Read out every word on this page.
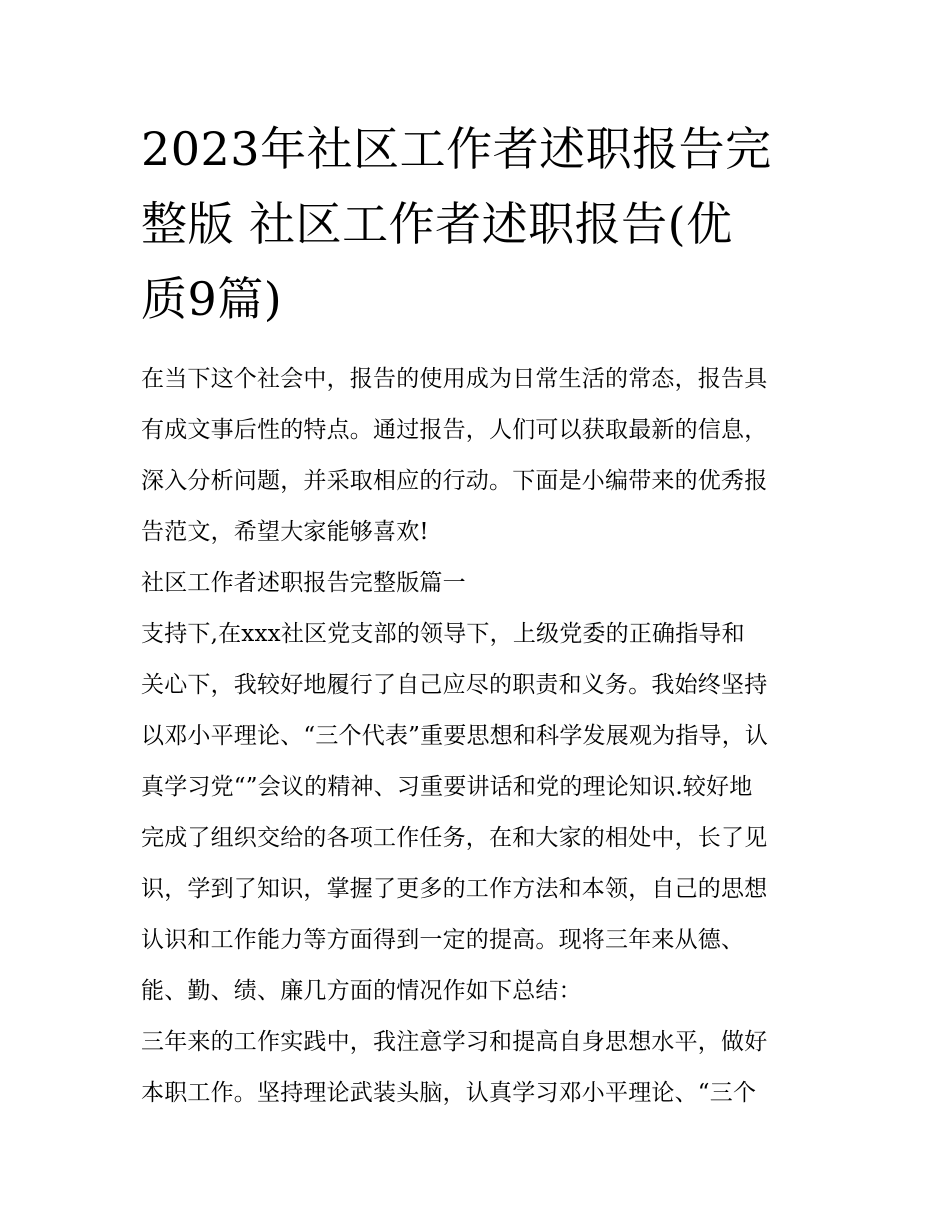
2023年社区工作者述职报告完
整版 社区工作者述职报告(优
质9篇)
在当下这个社会中，报告的使用成为日常生活的常态，报告具
有成文事后性的特点。通过报告，人们可以获取最新的信息，
深入分析问题，并采取相应的行动。下面是小编带来的优秀报
告范文，希望大家能够喜欢!
社区工作者述职报告完整版篇一
支持下,在xxx社区党支部的领导下，上级党委的正确指导和
关心下，我较好地履行了自己应尽的职责和义务。我始终坚持
以邓小平理论、“三个代表”重要思想和科学发展观为指导，认
真学习党“”会议的精神、习重要讲话和党的理论知识.较好地
完成了组织交给的各项工作任务，在和大家的相处中，长了见
识，学到了知识，掌握了更多的工作方法和本领，自己的思想
认识和工作能力等方面得到一定的提高。现将三年来从德、
能、勤、绩、廉几方面的情况作如下总结：
三年来的工作实践中，我注意学习和提高自身思想水平，做好
本职工作。坚持理论武装头脑，认真学习邓小平理论、“三个
